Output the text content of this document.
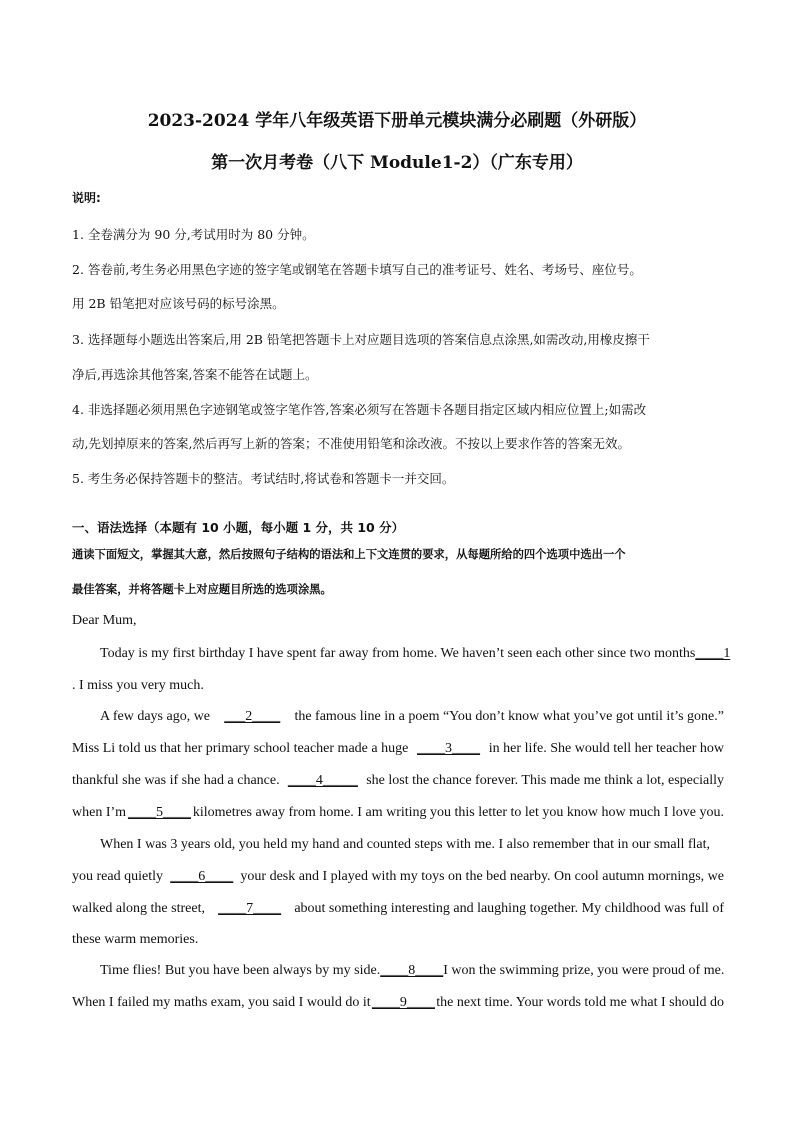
2023-2024 学年八年级英语下册单元模块满分必刷题（外研版）
第一次月考卷（八下 Module1-2）（广东专用）
说明:
1. 全卷满分为 90 分,考试用时为 80 分钟。
2. 答卷前,考生务必用黑色字迹的签字笔或钢笔在答题卡填写自己的准考证号、姓名、考场号、座位号。
用 2B 铅笔把对应该号码的标号涂黑。
3. 选择题每小题选出答案后,用 2B 铅笔把答题卡上对应题目选项的答案信息点涂黑,如需改动,用橡皮擦干
净后,再选涂其他答案,答案不能答在试题上。
4. 非选择题必须用黑色字迹钢笔或签字笔作答,答案必须写在答题卡各题目指定区域内相应位置上;如需改
动,先划掉原来的答案,然后再写上新的答案；不准使用铅笔和涂改液。不按以上要求作答的答案无效。
5. 考生务必保持答题卡的整洁。考试结时,将试卷和答题卡一并交回。
一、语法选择（本题有 10 小题，每小题 1 分，共 10 分）
通读下面短文，掌握其大意，然后按照句子结构的语法和上下文连贯的要求，从每题所给的四个选项中选出一个
最佳答案，并将答题卡上对应题目所选的选项涂黑。
Dear Mum,
Today is my first birthday I have spent far away from home. We haven’t seen each other since two months ____1
. I miss you very much.
A few days ago, we ___2____ the famous line in a poem “You don’t know what you’ve got until it’s gone.”
Miss Li told us that her primary school teacher made a huge ____3____ in her life. She would tell her teacher how
thankful she was if she had a chance. ____4_____ she lost the chance forever. This made me think a lot, especially
when I’m ____5____ kilometres away from home. I am writing you this letter to let you know how much I love you.
When I was 3 years old, you held my hand and counted steps with me. I also remember that in our small flat,
you read quietly ____6____ your desk and I played with my toys on the bed nearby. On cool autumn mornings, we
walked along the street, ____7____ about something interesting and laughing together. My childhood was full of
these warm memories.
Time flies! But you have been always by my side. ____8____ I won the swimming prize, you were proud of me.
When I failed my maths exam, you said I would do it ____9____ the next time. Your words told me what I should do
